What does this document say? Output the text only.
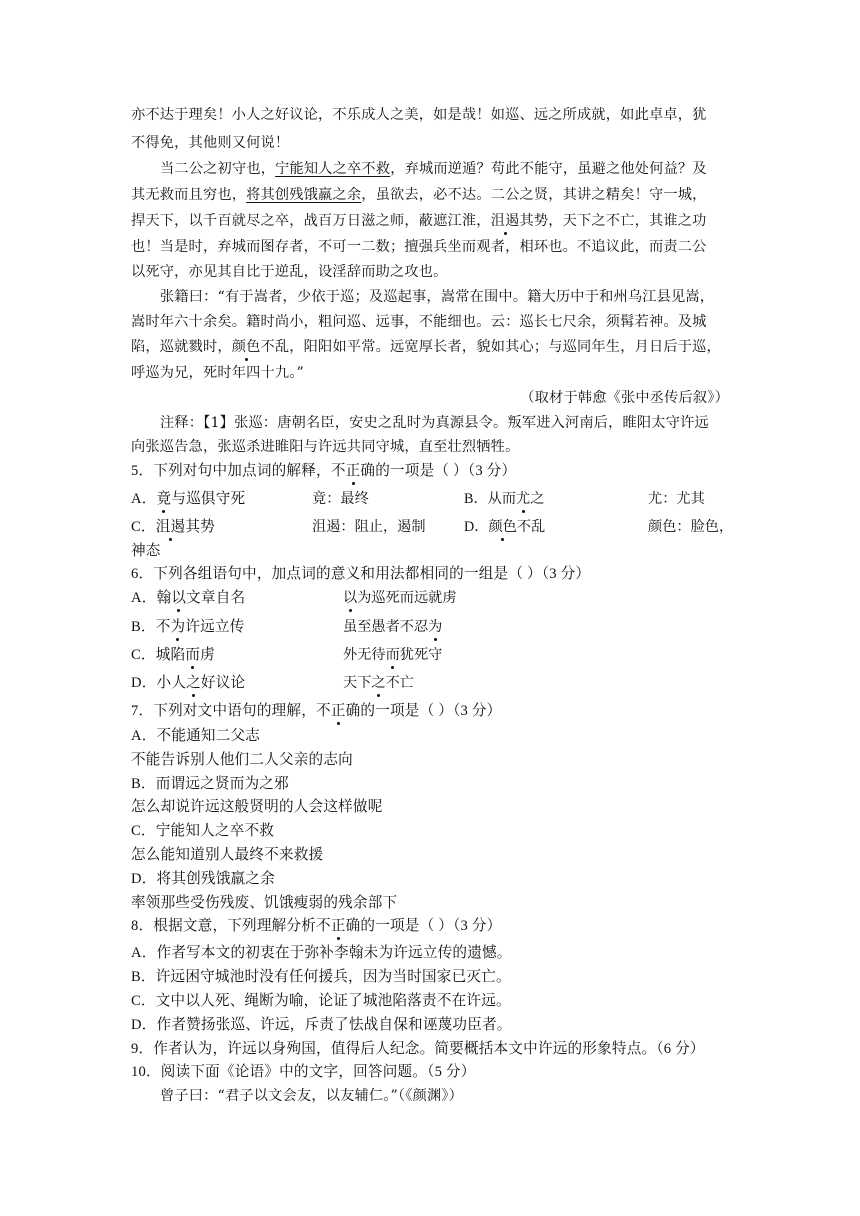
亦不达于理矣！小人之好议论，不乐成人之美，如是哉！如巡、远之所成就，如此卓卓，犹
不得免，其他则又何说！
当二公之初守也，宁能知人之卒不救，弃城而逆遁？苟此不能守，虽避之他处何益？及
其无救而且穷也，将其创残饿羸之余，虽欲去，必不达。二公之贤，其讲之精矣！守一城，
捍天下，以千百就尽之卒，战百万日滋之师，蔽遮江淮，沮遏其势，天下之不亡，其谁之功
也！当是时，弃城而图存者，不可一二数；擅强兵坐而观者，相环也。不追议此，而责二公
以死守，亦见其自比于逆乱，设淫辞而助之攻也。
张籍曰：“有于嵩者，少依于巡；及巡起事，嵩常在围中。籍大历中于和州乌江县见嵩，
嵩时年六十余矣。籍时尚小，粗问巡、远事，不能细也。云：巡长七尺余，须髯若神。及城
陷，巡就戮时，颜色不乱，阳阳如平常。远宽厚长者，貌如其心；与巡同年生，月日后于巡，
呼巡为兄，死时年四十九。”
（取材于韩愈《张中丞传后叙》）
注释：【1】张巡：唐朝名臣，安史之乱时为真源县令。叛军进入河南后，睢阳太守许远
向张巡告急，张巡杀进睢阳与许远共同守城，直至壮烈牺牲。
5．下列对句中加点词的解释，不正确的一项是（ ）（3 分）
A．竟与巡俱守死	竟：最终	B．从而尤之	尤：尤其
C．沮遏其势	沮遏：阻止，遏制	D．颜色不乱	颜色：脸色，
神态
6．下列各组语句中，加点词的意义和用法都相同的一组是（ ）（3 分）
A．翰以文章自名	以为巡死而远就虏
B．不为许远立传	虽至愚者不忍为
C．城陷而虏	外无待而犹死守
D．小人之好议论	天下之不亡
7．下列对文中语句的理解，不正确的一项是（ ）（3 分）
A．不能通知二父志
不能告诉别人他们二人父亲的志向
B．而谓远之贤而为之邪
怎么却说许远这般贤明的人会这样做呢
C．宁能知人之卒不救
怎么能知道别人最终不来救援
D．将其创残饿羸之余
率领那些受伤残废、饥饿瘦弱的残余部下
8．根据文意，下列理解分析不正确的一项是（ ）（3 分）
A．作者写本文的初衷在于弥补李翰未为许远立传的遗憾。
B．许远困守城池时没有任何援兵，因为当时国家已灭亡。
C．文中以人死、绳断为喻，论证了城池陷落责不在许远。
D．作者赞扬张巡、许远，斥责了怯战自保和诬蔑功臣者。
9．作者认为，许远以身殉国，值得后人纪念。简要概括本文中许远的形象特点。（6 分）
10．阅读下面《论语》中的文字，回答问题。（5 分）
曾子曰：“君子以文会友，以友辅仁。”（《颜渊》）
